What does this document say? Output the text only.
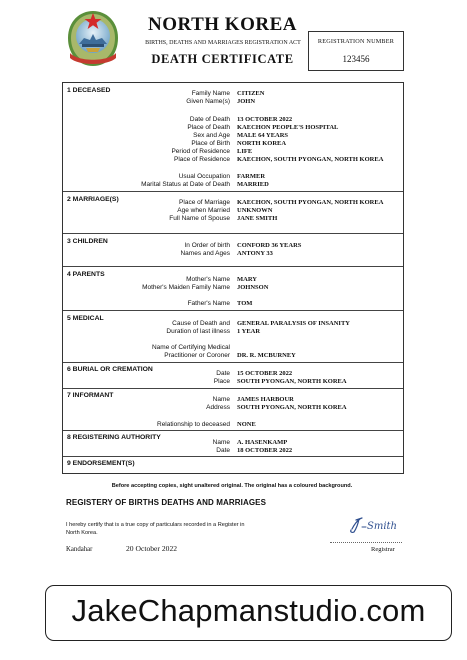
NORTH KOREA
BIRTHS, DEATHS AND MARRIAGES REGISTRATION ACT
DEATH CERTIFICATE
REGISTRATION NUMBER
123456
1 DECEASED	Family Name CITIZEN
Given Name(s) JOHN
Date of Death 13 OCTOBER 2022
Place of Death KAECHON PEOPLE'S HOSPITAL
Sex and Age MALE 64 YEARS
Place of Birth NORTH KOREA
Period of Residence LIFE
Place of Residence KAECHON, SOUTH PYONGAN, NORTH KOREA
Usual Occupation FARMER
Marital Status at Date of Death MARRIED
2 MARRIAGE(S)	Place of Marriage KAECHON, SOUTH PYONGAN, NORTH KOREA
Age when Married UNKNOWN
Full Name of Spouse JANE SMITH
3 CHILDREN
In Order of birth CONFORD 36 YEARS
Names and Ages ANTONY 33
4 PARENTS
Mother's Name MARY
Mother's Maiden Family Name JOHNSON
Father's Name TOM
5 MEDICAL
Cause of Death and GENERAL PARALYSIS OF INSANITY
Duration of last illness 1 YEAR
Name of Certifying Medical
Practitioner or Coroner DR. R. MCBURNEY
6 BURIAL OR CREMATION
Date 15 OCTOBER 2022
Place SOUTH PYONGAN, NORTH KOREA
7 INFORMANT
Name JAMES HARBOUR
Address SOUTH PYONGAN, NORTH KOREA
Relationship to deceased NONE
8 REGISTERING AUTHORITY
Name A. HASENKAMP
Date 18 OCTOBER 2022
9 ENDORSEMENT(S)
Before accepting copies, sight unaltered original. The original has a coloured background.
REGISTERY OF BIRTHS DEATHS AND MARRIAGES
I hereby certify that is a true copy of particulars recorded in a Register in
North Korea.
Smith
Kandahar	20 October 2022	Registrar
JakeChapmanstudio.com
